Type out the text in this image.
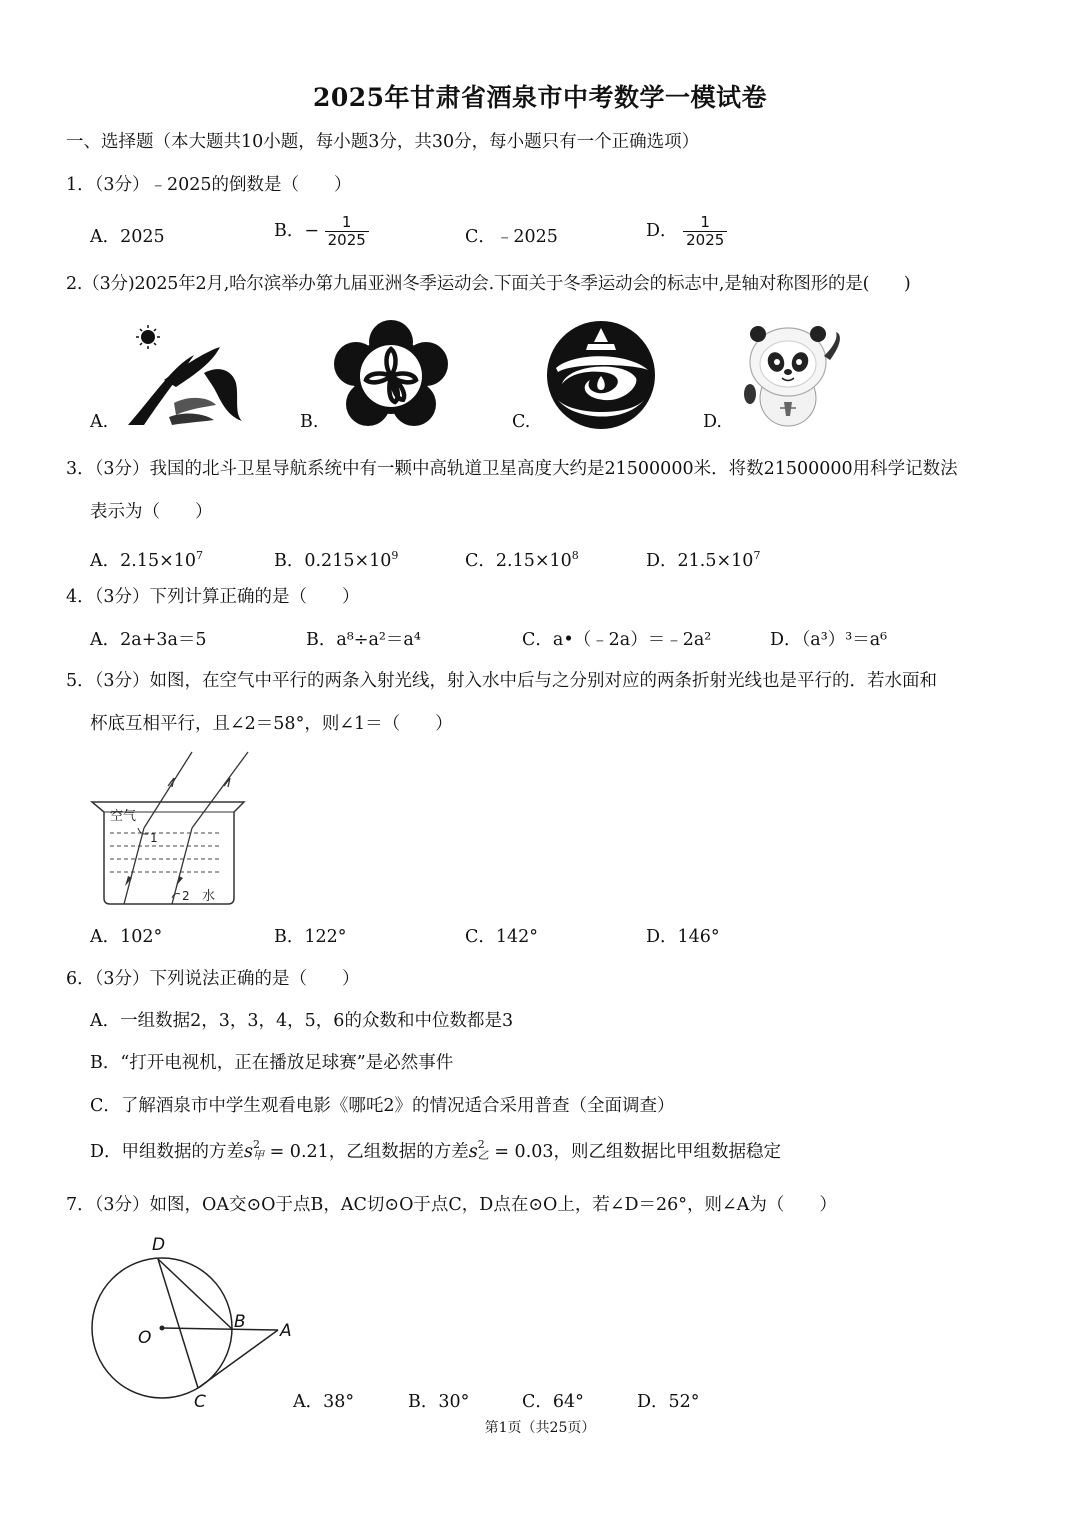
2025年甘肃省酒泉市中考数学一模试卷
一、选择题（本大题共10小题，每小题3分，共30分，每小题只有一个正确选项）
1．（3分）﹣2025的倒数是（　　）
A．2025	B．− $\frac{1}{2025}$	C．﹣2025	D． $\frac{1}{2025}$
2.（3分)2025年2月,哈尔滨举办第九届亚洲冬季运动会.下面关于冬季运动会的标志中,是轴对称图形的是(　　)
A.	B.	C.	D.
3．（3分）我国的北斗卫星导航系统中有一颗中高轨道卫星高度大约是21500000米．将数21500000用科学记数法
表示为（　　）
A．$2.15\times 10^7$	B．$0.215\times 10^9$	C．$2.15\times 10^8$	D．$21.5\times 10^7$
4．（3分）下列计算正确的是（　　）
A．2a+3a＝5	B．a⁸÷a²＝a⁴	C．a•（﹣2a）＝﹣2a²	D．（a³）³＝a⁶
5．（3分）如图，在空气中平行的两条入射光线，射入水中后与之分别对应的两条折射光线也是平行的．若水面和
杯底互相平行，且∠2＝58°，则∠1＝（　　）
1
2
空气
水
A．102°	B．122°	C．142°	D．146°
6．（3分）下列说法正确的是（　　）
A．一组数据2，3，3，4，5，6的众数和中位数都是3
B．“打开电视机，正在播放足球赛”是必然事件
C．了解酒泉市中学生观看电影《哪吒2》的情况适合采用普查（全面调查）
D．甲组数据的方差s 2
甲 = 0.21，乙组数据的方差s 2
乙 = 0.03，则乙组数据比甲组数据稳定
7．（3分）如图，OA交⊙O于点B，AC切⊙O于点C，D点在⊙O上，若∠D＝26°，则∠A为（　　）
D
O
B A
C	A．38°	B．30°	C．64°	D．52°
第1页（共25页）
